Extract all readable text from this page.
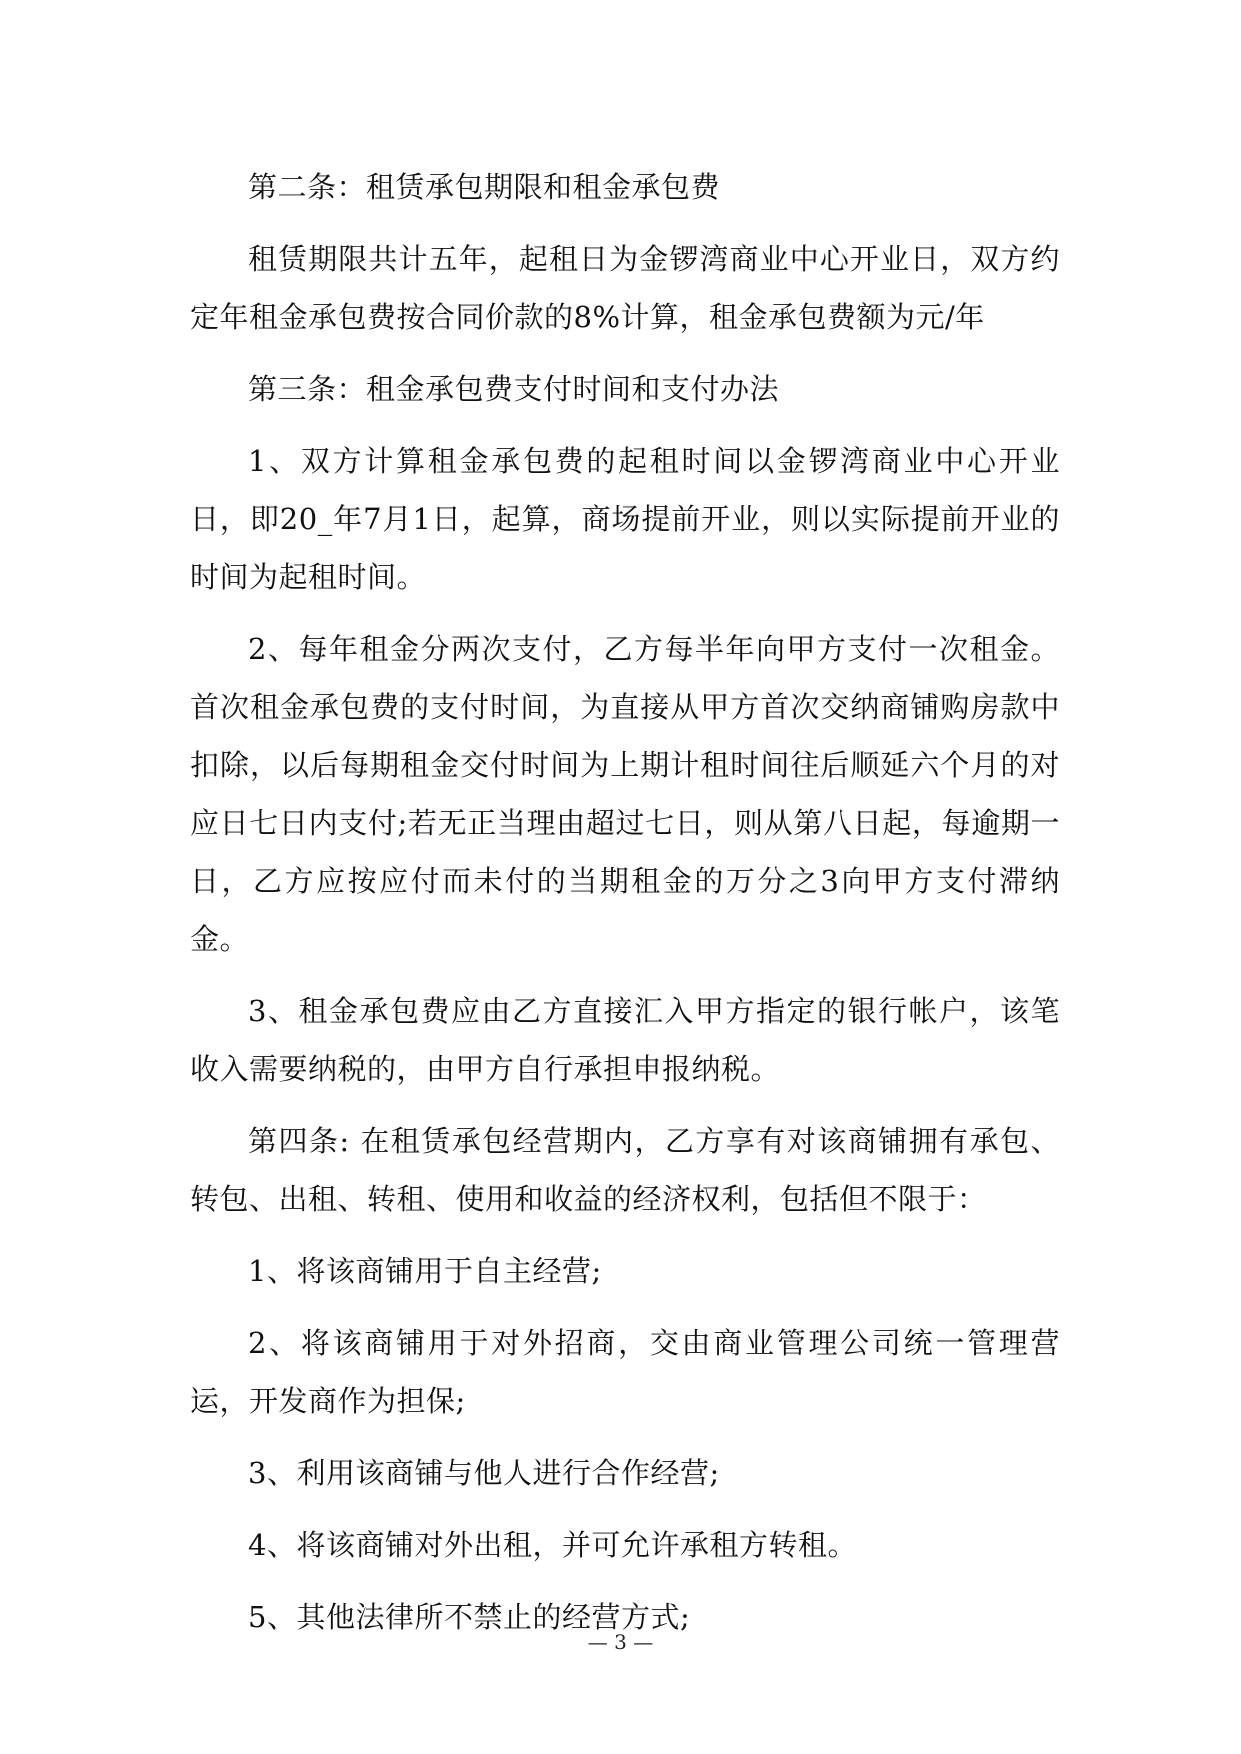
第二条：租赁承包期限和租金承包费

租赁期限共计五年，起租日为金锣湾商业中心开业日，双方约定年租金承包费按合同价款的8%计算，租金承包费额为元/年

第三条：租金承包费支付时间和支付办法

1、双方计算租金承包费的起租时间以金锣湾商业中心开业日，即20_年7月1日，起算，商场提前开业，则以实际提前开业的时间为起租时间。

2、每年租金分两次支付，乙方每半年向甲方支付一次租金。首次租金承包费的支付时间，为直接从甲方首次交纳商铺购房款中扣除，以后每期租金交付时间为上期计租时间往后顺延六个月的对应日七日内支付;若无正当理由超过七日，则从第八日起，每逾期一日，乙方应按应付而未付的当期租金的万分之3向甲方支付滞纳金。

3、租金承包费应由乙方直接汇入甲方指定的银行帐户，该笔收入需要纳税的，由甲方自行承担申报纳税。

第四条: 在租赁承包经营期内，乙方享有对该商铺拥有承包、转包、出租、转租、使用和收益的经济权利，包括但不限于：

1、将该商铺用于自主经营;

2、将该商铺用于对外招商，交由商业管理公司统一管理营运，开发商作为担保;

3、利用该商铺与他人进行合作经营;

4、将该商铺对外出租，并可允许承租方转租。

5、其他法律所不禁止的经营方式;

— 3 —
